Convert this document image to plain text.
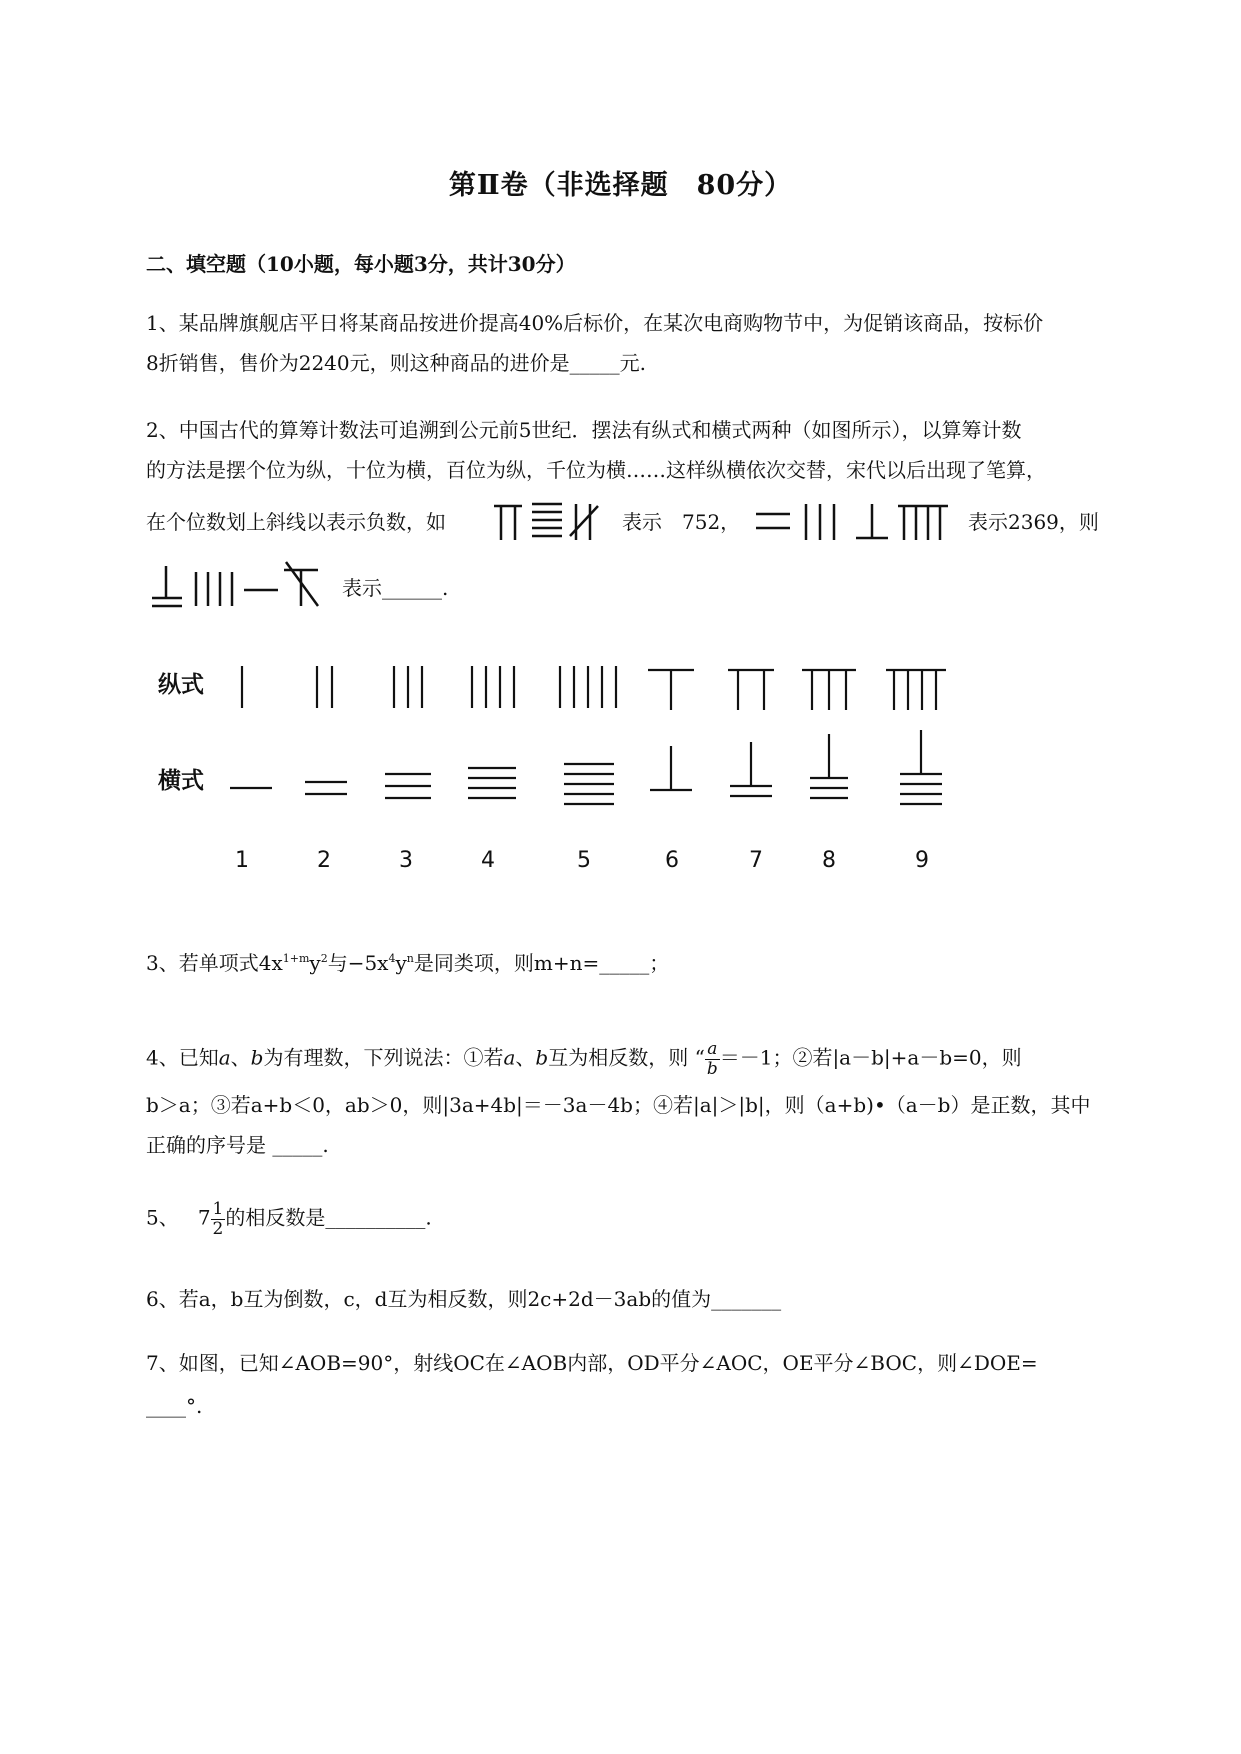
第Ⅱ卷（非选择题　80分）
二、填空题（10小题，每小题3分，共计30分）
1、某品牌旗舰店平日将某商品按进价提高40%后标价，在某次电商购物节中，为促销该商品，按标价
8折销售，售价为2240元，则这种商品的进价是_____元.
2、中国古代的算筹计数法可追溯到公元前5世纪．摆法有纵式和横式两种（如图所示），以算筹计数
的方法是摆个位为纵，十位为横，百位为纵，千位为横……这样纵横依次交替，宋代以后出现了笔算，
在个位数划上斜线以表示负数，如	表示　752，	表示2369，则
表示______.
纵式
横式
1	2	3	4	5	6	7	8	9
3、若单项式$4x^{1+m}y^2$与$-5x^4y^n$是同类项，则m+n=_____；
4、已知a、b为有理数，下列说法：①若a、b互为相反数，则 “ $\frac{a}{b} =-1$；②若|a－b|+a－b=0，则
b＞a；③若a+b＜0，ab＞0，则|3a+4b|＝－3a－4b；④若|a|＞|b|，则（a+b)•（a－b）是正数，其中
正确的序号是 _____.
5、 $7 \frac{1}{2}$ 的相反数是__________.
6、若a，b互为倒数，c，d互为相反数，则2c+2d－3ab的值为_______
7、如图，已知∠AOB=90°，射线OC在∠AOB内部，OD平分∠AOC，OE平分∠BOC，则∠DOE=
____°.
